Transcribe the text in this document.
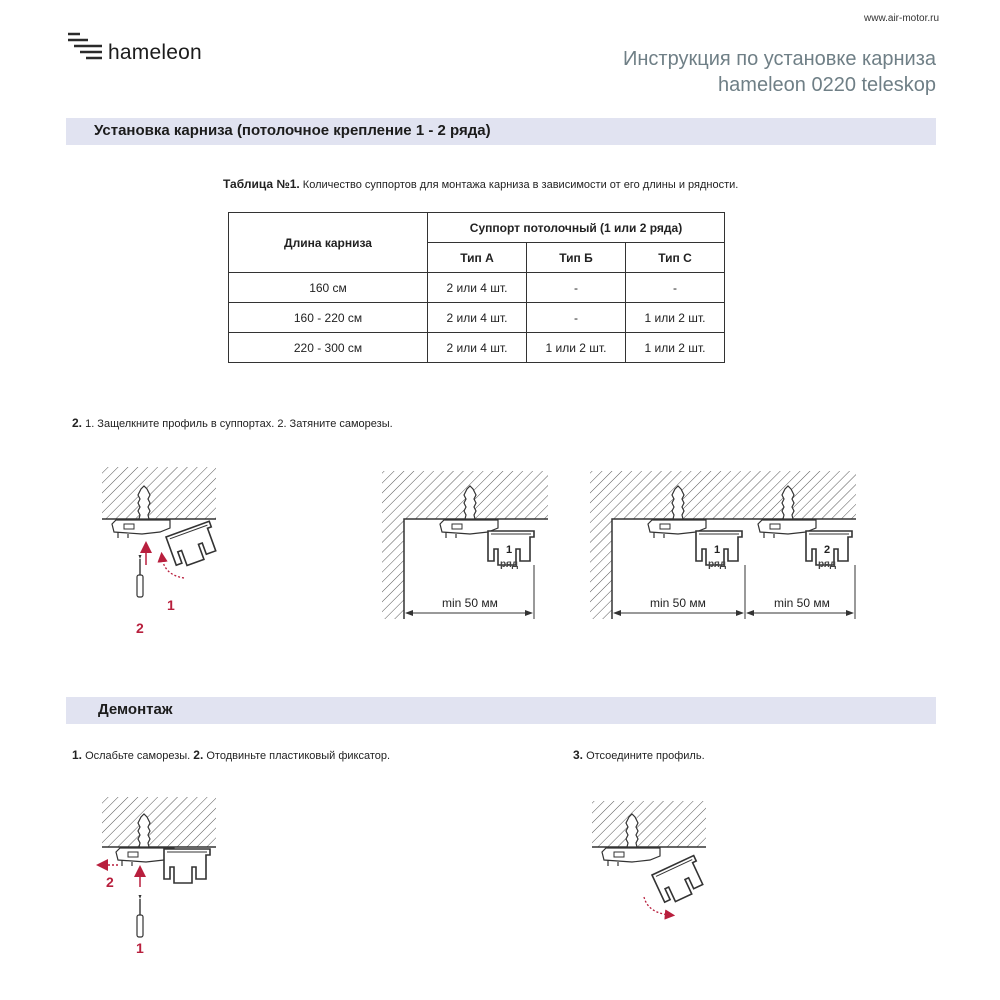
www.air-motor.ru
hameleon	Инструкция по установке карниза
hameleon 0220 teleskop
Установка карниза (потолочное крепление 1 - 2 ряда)
Таблица №1. Количество суппортов для монтажа карниза в зависимости от его длины и рядности.
Длина карниза	Суппорт потолочный (1 или 2 ряда)		
	Тип А	Тип Б	Тип С
160 см	2 или 4 шт.	-	-
160 - 220 см	2 или 4 шт.	-	1 или 2 шт.
220 - 300 см	2 или 4 шт.	1 или 2 шт.	1 или 2 шт.
2. 1. Защелкните профиль в суппортах. 2. Затяните саморезы.
1
2
1
ряд
min 50 мм
1
ряд
2
ряд
min 50 мм	min 50 мм
Демонтаж
1. Ослабьте саморезы. 2. Отодвиньте пластиковый фиксатор.	3. Отсоедините профиль.
2
1
